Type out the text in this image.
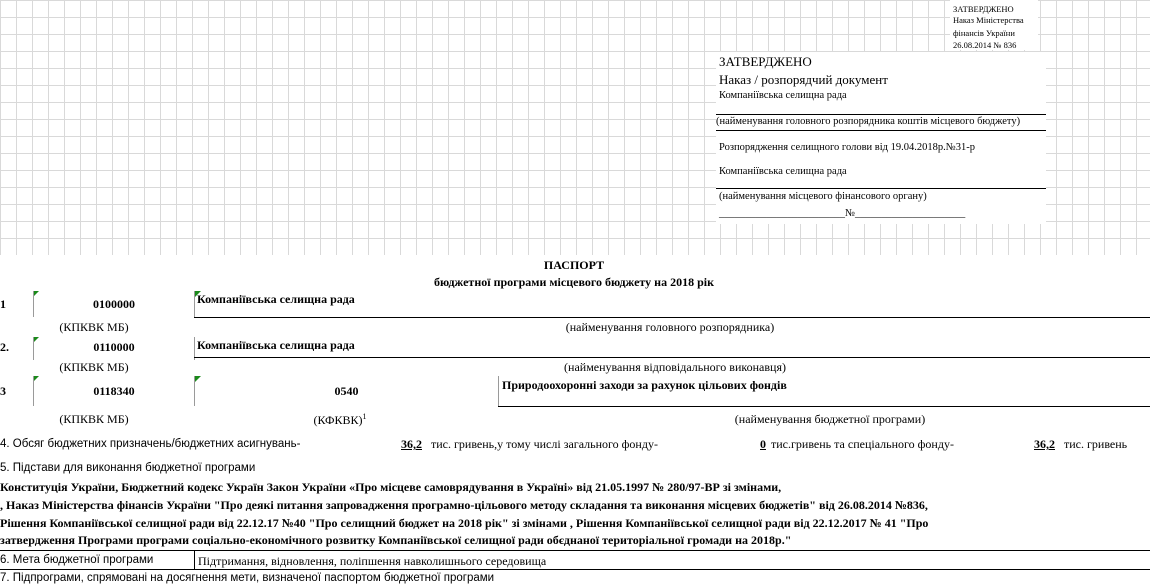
ЗАТВЕРДЖЕНО
Наказ Міністерства
фінансів України
26.08.2014 № 836
ЗАТВЕРДЖЕНО
Наказ / розпорядчий документ
Компаніївська селищна рада
(найменування головного розпорядника коштів місцевого бюджету)
Розпорядження селищного голови від 19.04.2018р.№31-р
Компаніївська селищна рада
(найменування місцевого фінансового органу)
________________________№_____________________
ПАСПОРТ
бюджетної програми місцевого бюджету на 2018 рік
1	0100000	Компаніївська селищна рада
(КПКВК МБ)	(найменування головного розпорядника)
2.	0110000	Компаніївська селищна рада
(КПКВК МБ)	(найменування відповідального виконавця)
3	0118340	0540	Природоохоронні заходи за рахунок цільових фондів
(КПКВК МБ)	(КФКВК)$^1$	(найменування бюджетної програми)
4. Обсяг бюджетних призначень/бюджетних асигнувань-	36,2 тис. гривень,у тому числі загального фонду-	0 тис.гривень та спеціального фонду-	36,2 тис. гривень
5. Підстави для виконання бюджетної програми
Конституція України, Бюджетний кодекс Україн Закон України «Про місцеве самоврядування в Україні» від 21.05.1997 № 280/97-ВР зі змінами,
, Наказ Міністерства фінансів України "Про деякі питання запровадження програмно-цільового методу складання та виконання місцевих бюджетів" від 26.08.2014 №836,
Рішення Компаніївської селищної ради від 22.12.17 №40 "Про селищний бюджет на 2018 рік" зі змінами , Рішення Компаніївської селищної ради від 22.12.2017 № 41 "Про
затвердження Програми програми соціально-економічного розвитку Компаніївської селищної ради обєднаної територіальної громади на 2018р."
6. Мета бюджетної програми	Підтримання, відновлення, поліпшення навколишнього середовища
7. Підпрограми, спрямовані на досягнення мети, визначеної паспортом бюджетної програми
